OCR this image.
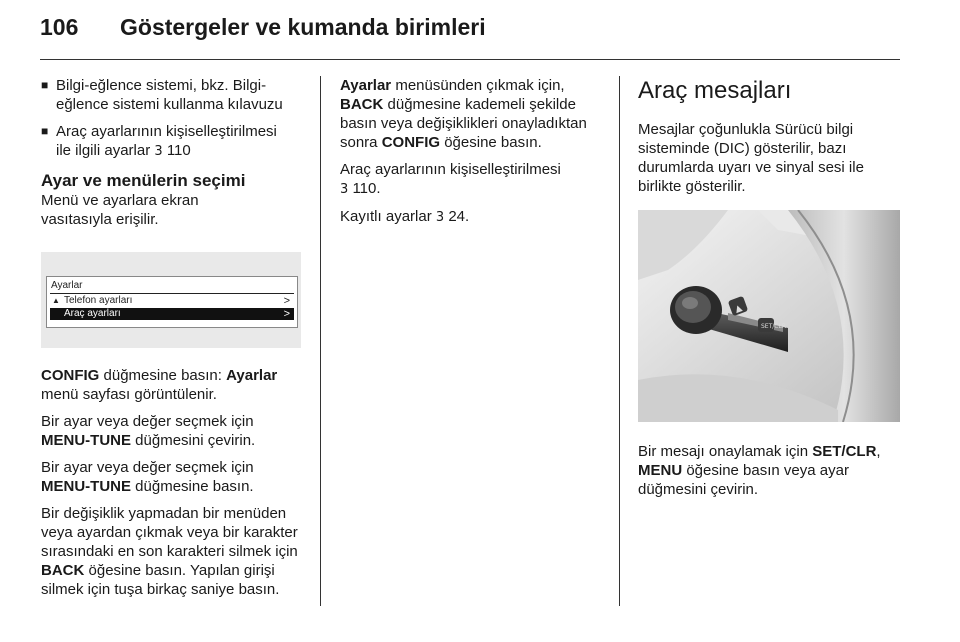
106 Göstergeler ve kumanda birimleri
■ Bilgi-eğlence sistemi, bkz. Bilgi-
eğlence sistemi kullanma kılavuzu
■ Araç ayarlarının kişiselleştirilmesi
ile ilgili ayarlar 3 110
Ayar ve menülerin seçimi

Menü ve ayarlara ekran vasıtasıyla erişilir.

Ayarlar
▲ Telefon ayarları	>
Araç ayarları	>

CONFIG düğmesine basın: Ayarlar
menü sayfası görüntülenir.

Bir ayar veya değer seçmek için
MENU-TUNE düğmesini çevirin.

Bir ayar veya değer seçmek için
MENU-TUNE düğmesine basın.

Bir değişiklik yapmadan bir menüden veya ayardan çıkmak veya bir karakter sırasındaki en son karakteri silmek için BACK öğesine basın. Yapılan girişi silmek için tuşa birkaç saniye basın.

Ayarlar menüsünden çıkmak için, BACK düğmesine kademeli şekilde basın veya değişiklikleri onayladıktan sonra CONFIG öğesine basın.

Araç ayarlarının kişiselleştirilmesi
3 110.

Kayıtlı ayarlar 3 24.

Araç mesajları

Mesajlar çoğunlukla Sürücü bilgi sisteminde (DIC) gösterilir, bazı durumlarda uyarı ve sinyal sesi ile birlikte gösterilir.

▲
SET/CLR

Bir mesajı onaylamak için SET/CLR,
MENU öğesine basın veya ayar düğmesini çevirin.
